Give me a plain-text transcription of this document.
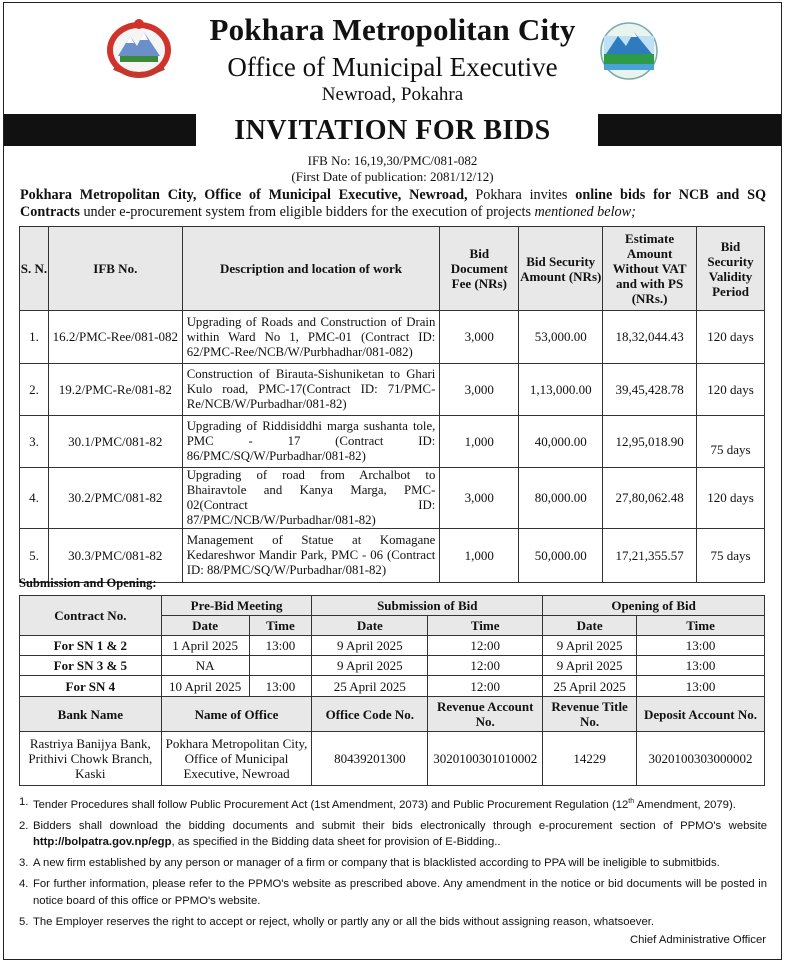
Pokhara Metropolitan City
Office of Municipal Executive
Newroad, Pokahra
INVITATION FOR BIDS
IFB No: 16,19,30/PMC/081-082
(First Date of publication: 2081/12/12)
Pokhara Metropolitan City, Office of Municipal Executive, Newroad, Pokhara invites online bids for NCB and SQ Contracts under e-procurement system from eligible bidders for the execution of projects mentioned below;
S. N.	IFB No.	Description and location of work	Bid Document Fee (NRs)	Bid Security Amount (NRs)	Estimate Amount Without VAT and with PS (NRs.)	Bid Security Validity Period
1.	16.2/PMC-Ree/081-082	Upgrading of Roads and Construction of Drain within Ward No 1, PMC-01 (Contract ID: 62/PMC-Ree/NCB/W/Purbhadhar/081-082)	3,000	53,000.00	18,32,044.43	120 days
2.	19.2/PMC-Re/081-82	Construction of Birauta-Sishuniketan to Ghari Kulo road, PMC-17(Contract ID: 71/PMC-Re/NCB/W/Purbadhar/081-82)	3,000	1,13,000.00	39,45,428.78	120 days
3.	30.1/PMC/081-82	Upgrading of Riddisiddhi marga sushanta tole, PMC - 17 (Contract ID: 86/PMC/SQ/W/Purbadhar/081-82)	1,000	40,000.00	12,95,018.90	75 days
4.	30.2/PMC/081-82	Upgrading of road from Archalbot to Bhairavtole and Kanya Marga, PMC-02(Contract ID: 87/PMC/NCB/W/Purbadhar/081-82)	3,000	80,000.00	27,80,062.48	120 days
5.	30.3/PMC/081-82	Management of Statue at Komagane Kedareshwor Mandir Park, PMC - 06 (Contract ID: 88/PMC/SQ/W/Purbadhar/081-82)	1,000	50,000.00	17,21,355.57	75 days
Submission and Opening:
Contract No.	Pre-Bid Meeting		Submission of Bid		Opening of Bid	
	Date	Time	Date	Time	Date	Time
For SN 1 & 2	1 April 2025	13:00	9 April 2025	12:00	9 April 2025	13:00
For SN 3 & 5	NA		9 April 2025	12:00	9 April 2025	13:00
For SN 4	10 April 2025	13:00	25 April 2025	12:00	25 April 2025	13:00
Bank Name	Name of Office		Office Code No.	Revenue Account No.	Revenue Title No.	Deposit Account No.
Rastriya Banijya Bank, Prithivi Chowk Branch, Kaski	Pokhara Metropolitan City, Office of Municipal Executive, Newroad		80439201300	3020100301010002	14229	3020100303000002
1. Tender Procedures shall follow Public Procurement Act (1st Amendment, 2073) and Public Procurement Regulation (12th Amendment, 2079).
2. Bidders shall download the bidding documents and submit their bids electronically through e-procurement section of PPMO's website http://bolpatra.gov.np/egp, as specified in the Bidding data sheet for provision of E-Bidding..
3. A new firm established by any person or manager of a firm or company that is blacklisted according to PPA will be ineligible to submitbids.
4. For further information, please refer to the PPMO's website as prescribed above. Any amendment in the notice or bid documents will be posted in notice board of this office or PPMO's website.
5. The Employer reserves the right to accept or reject, wholly or partly any or all the bids without assigning reason, whatsoever.
Chief Administrative Officer
